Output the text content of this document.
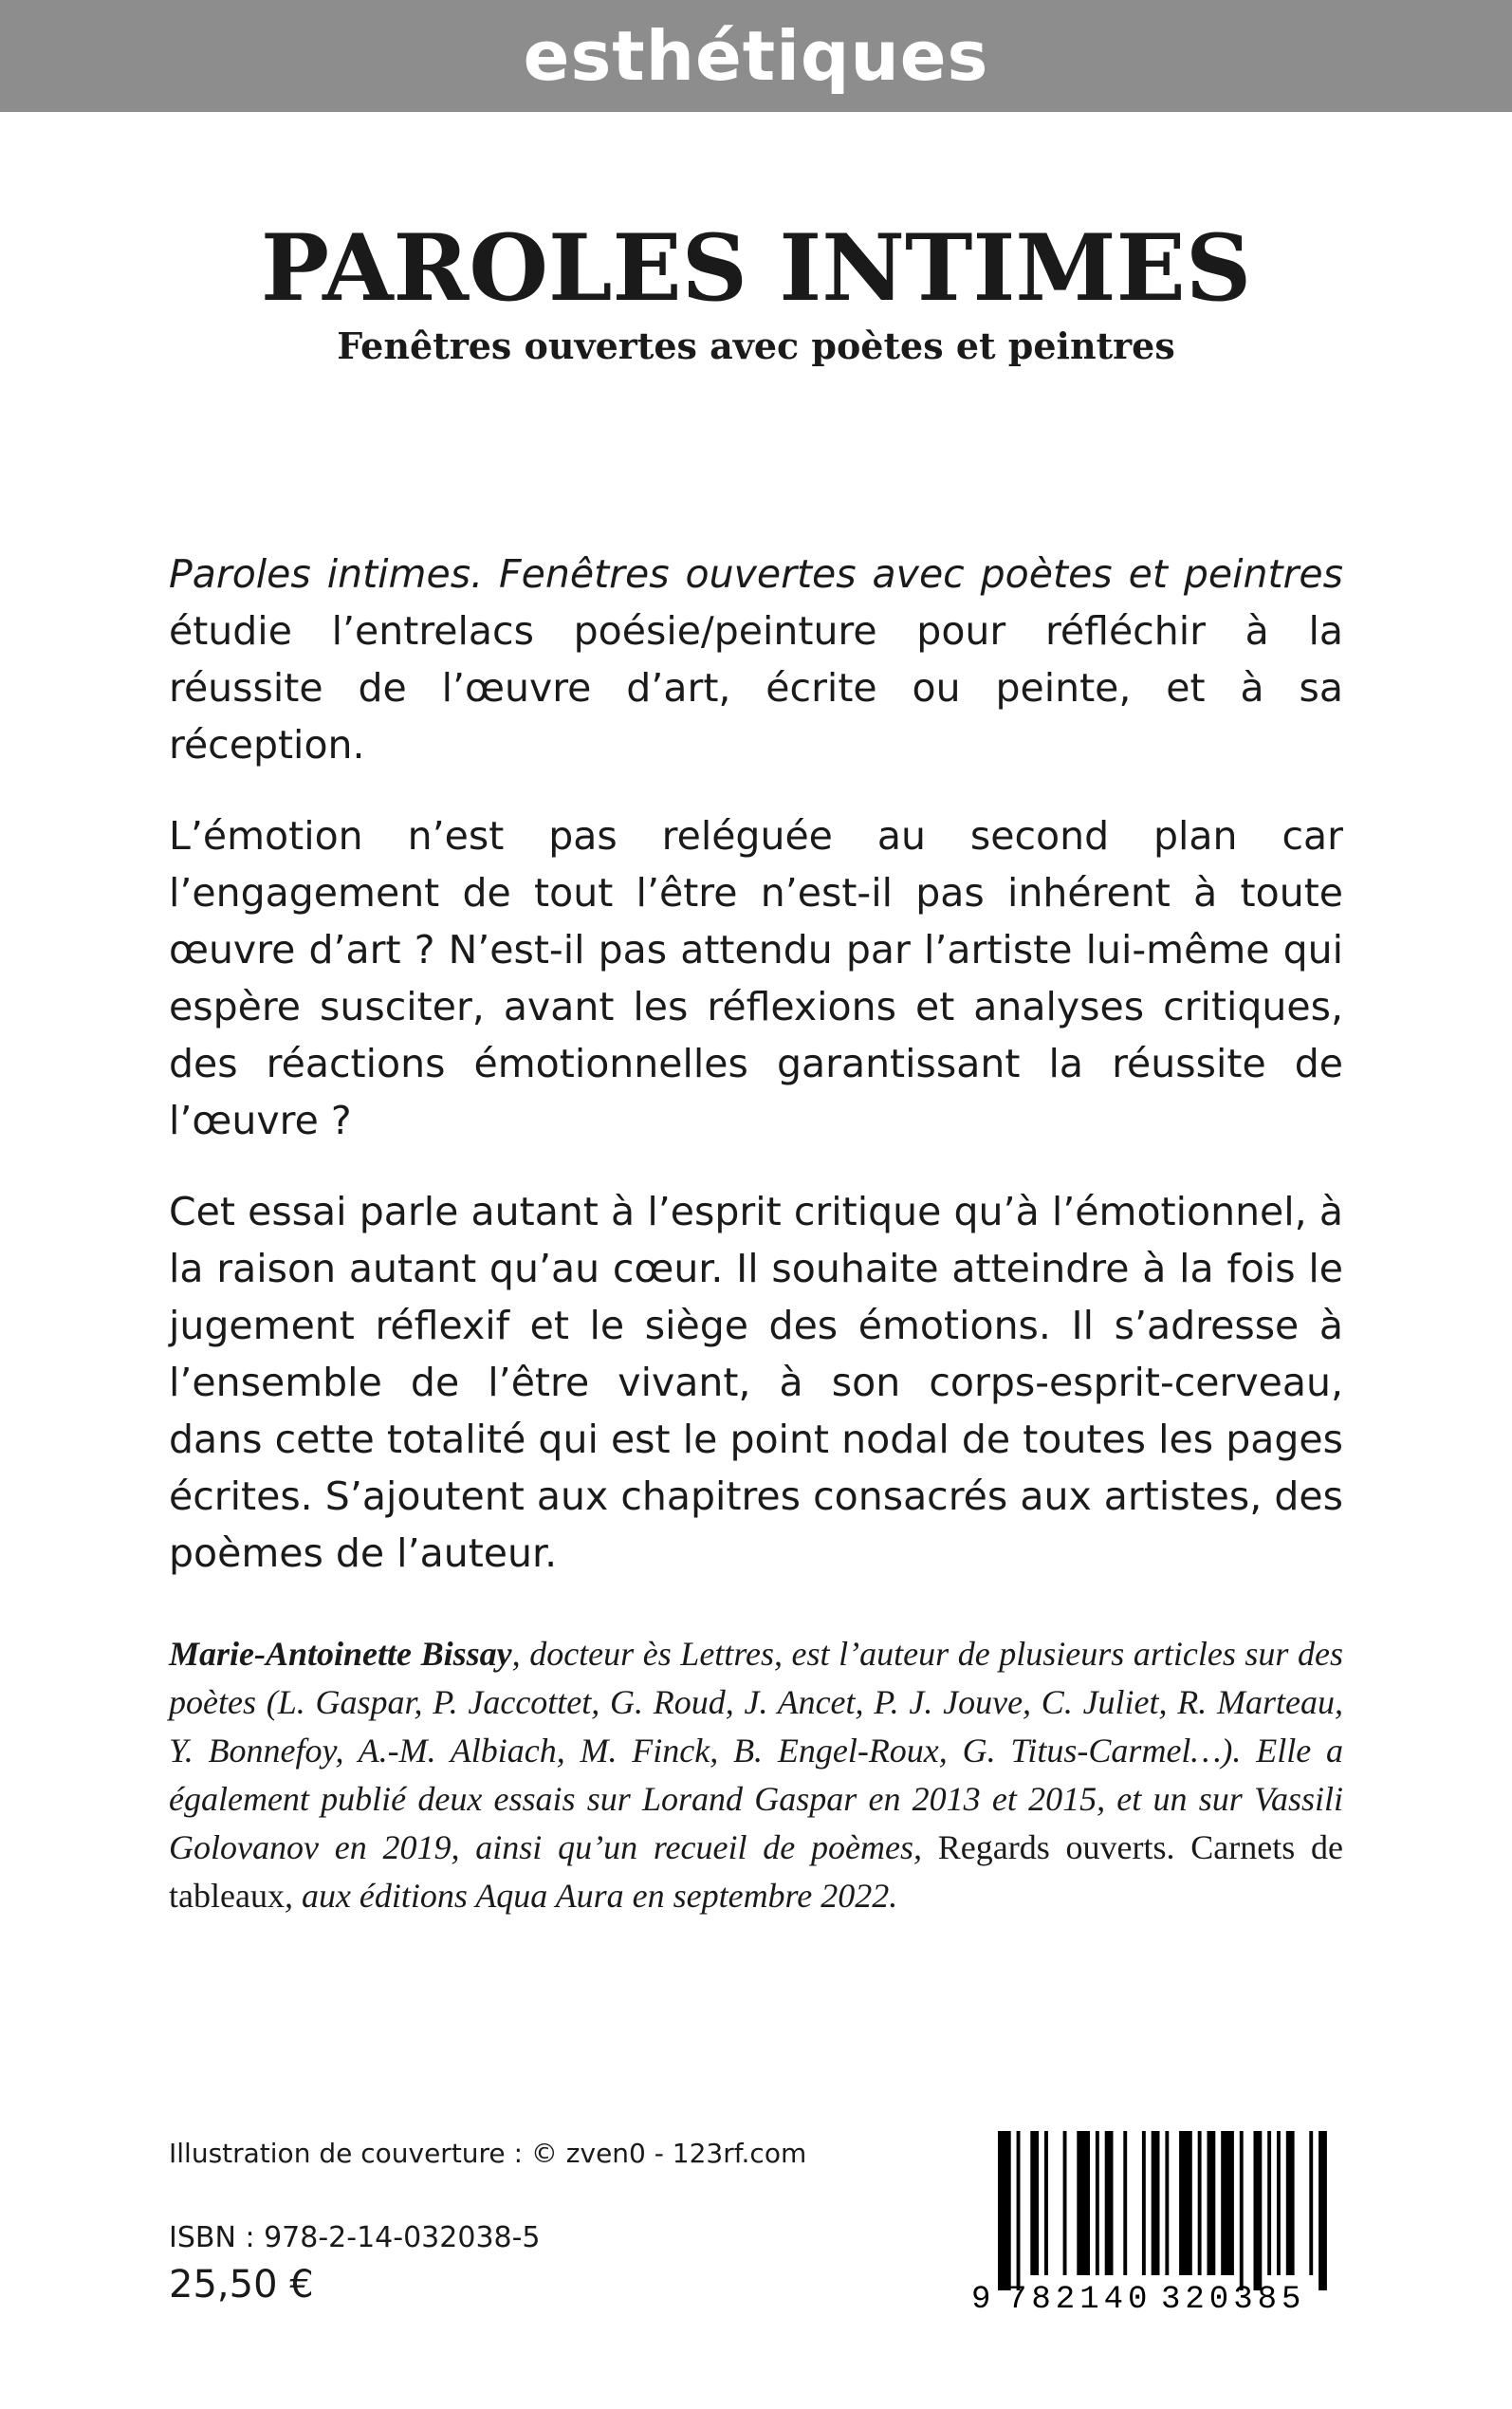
esthétiques
PAROLES INTIMES
Fenêtres ouvertes avec poètes et peintres

Paroles intimes. Fenêtres ouvertes avec poètes et peintres étudie l’entrelacs poésie/peinture pour réfléchir à la réussite de l’œuvre d’art, écrite ou peinte, et à sa réception.

L’émotion n’est pas reléguée au second plan car l’engagement de tout l’être n’est-il pas inhérent à toute œuvre d’art ? N’est-il pas attendu par l’artiste lui-même qui espère susciter, avant les réflexions et analyses critiques, des réactions émotionnelles garantissant la réussite de l’œuvre ?

Cet essai parle autant à l’esprit critique qu’à l’émotionnel, à la raison autant qu’au cœur. Il souhaite atteindre à la fois le jugement réflexif et le siège des émotions. Il s’adresse à l’ensemble de l’être vivant, à son corps-esprit-cerveau, dans cette totalité qui est le point nodal de toutes les pages écrites. S’ajoutent aux chapitres consacrés aux artistes, des poèmes de l’auteur.

Marie-Antoinette Bissay, docteur ès Lettres, est l’auteur de plusieurs articles sur des poètes (L. Gaspar, P. Jaccottet, G. Roud, J. Ancet, P. J. Jouve, C. Juliet, R. Marteau, Y. Bonnefoy, A.-M. Albiach, M. Finck, B. Engel-Roux, G. Titus-Carmel…). Elle a également publié deux essais sur Lorand Gaspar en 2013 et 2015, et un sur Vassili Golovanov en 2019, ainsi qu’un recueil de poèmes, Regards ouverts. Carnets de tableaux, aux éditions Aqua Aura en septembre 2022.

Illustration de couverture : © zven0 - 123rf.com
ISBN : 978-2-14-032038-5
25,50 €	9 782140 320385
